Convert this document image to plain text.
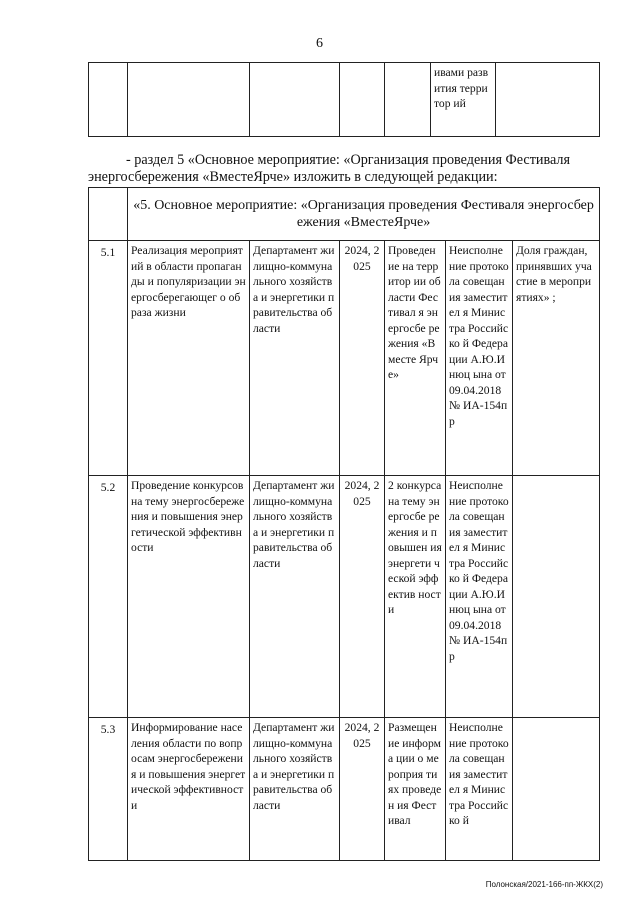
6
					ивами развития территор ий	
- раздел 5 «Основное мероприятие: «Организация проведения Фестиваля
энергосбережения «ВместеЯрче» изложить в следующей редакции:
	«5. Основное мероприятие: «Организация проведения Фестиваля энергосбережения «ВместеЯрче»					
5.1	Реализация мероприятий в области пропаганды и популяризации энергосберегающег о образа жизни	Департамент жилищно-коммунального хозяйства и энергетики правительства области	2024, 2025	Проведен ие на территор ии области Фестивал я энергосбе режения «Вместе Ярче»	Неисполне ние протокола совещания заместител я Министра Российско й Федерации А.Ю.Инюц ына от 09.04.2018 № ИА-154пр	Доля граждан, принявших участие в мероприятиях» ;
5.2	Проведение конкурсов на тему энергосбережения и повышения энергетической эффективности	Департамент жилищно-коммунального хозяйства и энергетики правительства области	2024, 2025	2 конкурса на тему энергосбе режения и повышен ия энергети ческой эффектив ности	Неисполне ние протокола совещания заместител я Министра Российско й Федерации А.Ю.Инюц ына от 09.04.2018 № ИА-154пр	
5.3	Информирование населения области по вопросам энергосбережения и повышения энергетической эффективности	Департамент жилищно-коммунального хозяйства и энергетики правительства области	2024, 2025	Размещен ие информа ции о мероприя тиях проведен ия Фестивал	Неисполне ние протокола совещания заместител я Министра Российско й	
Полонская/2021-166-пп-ЖКХ(2)
